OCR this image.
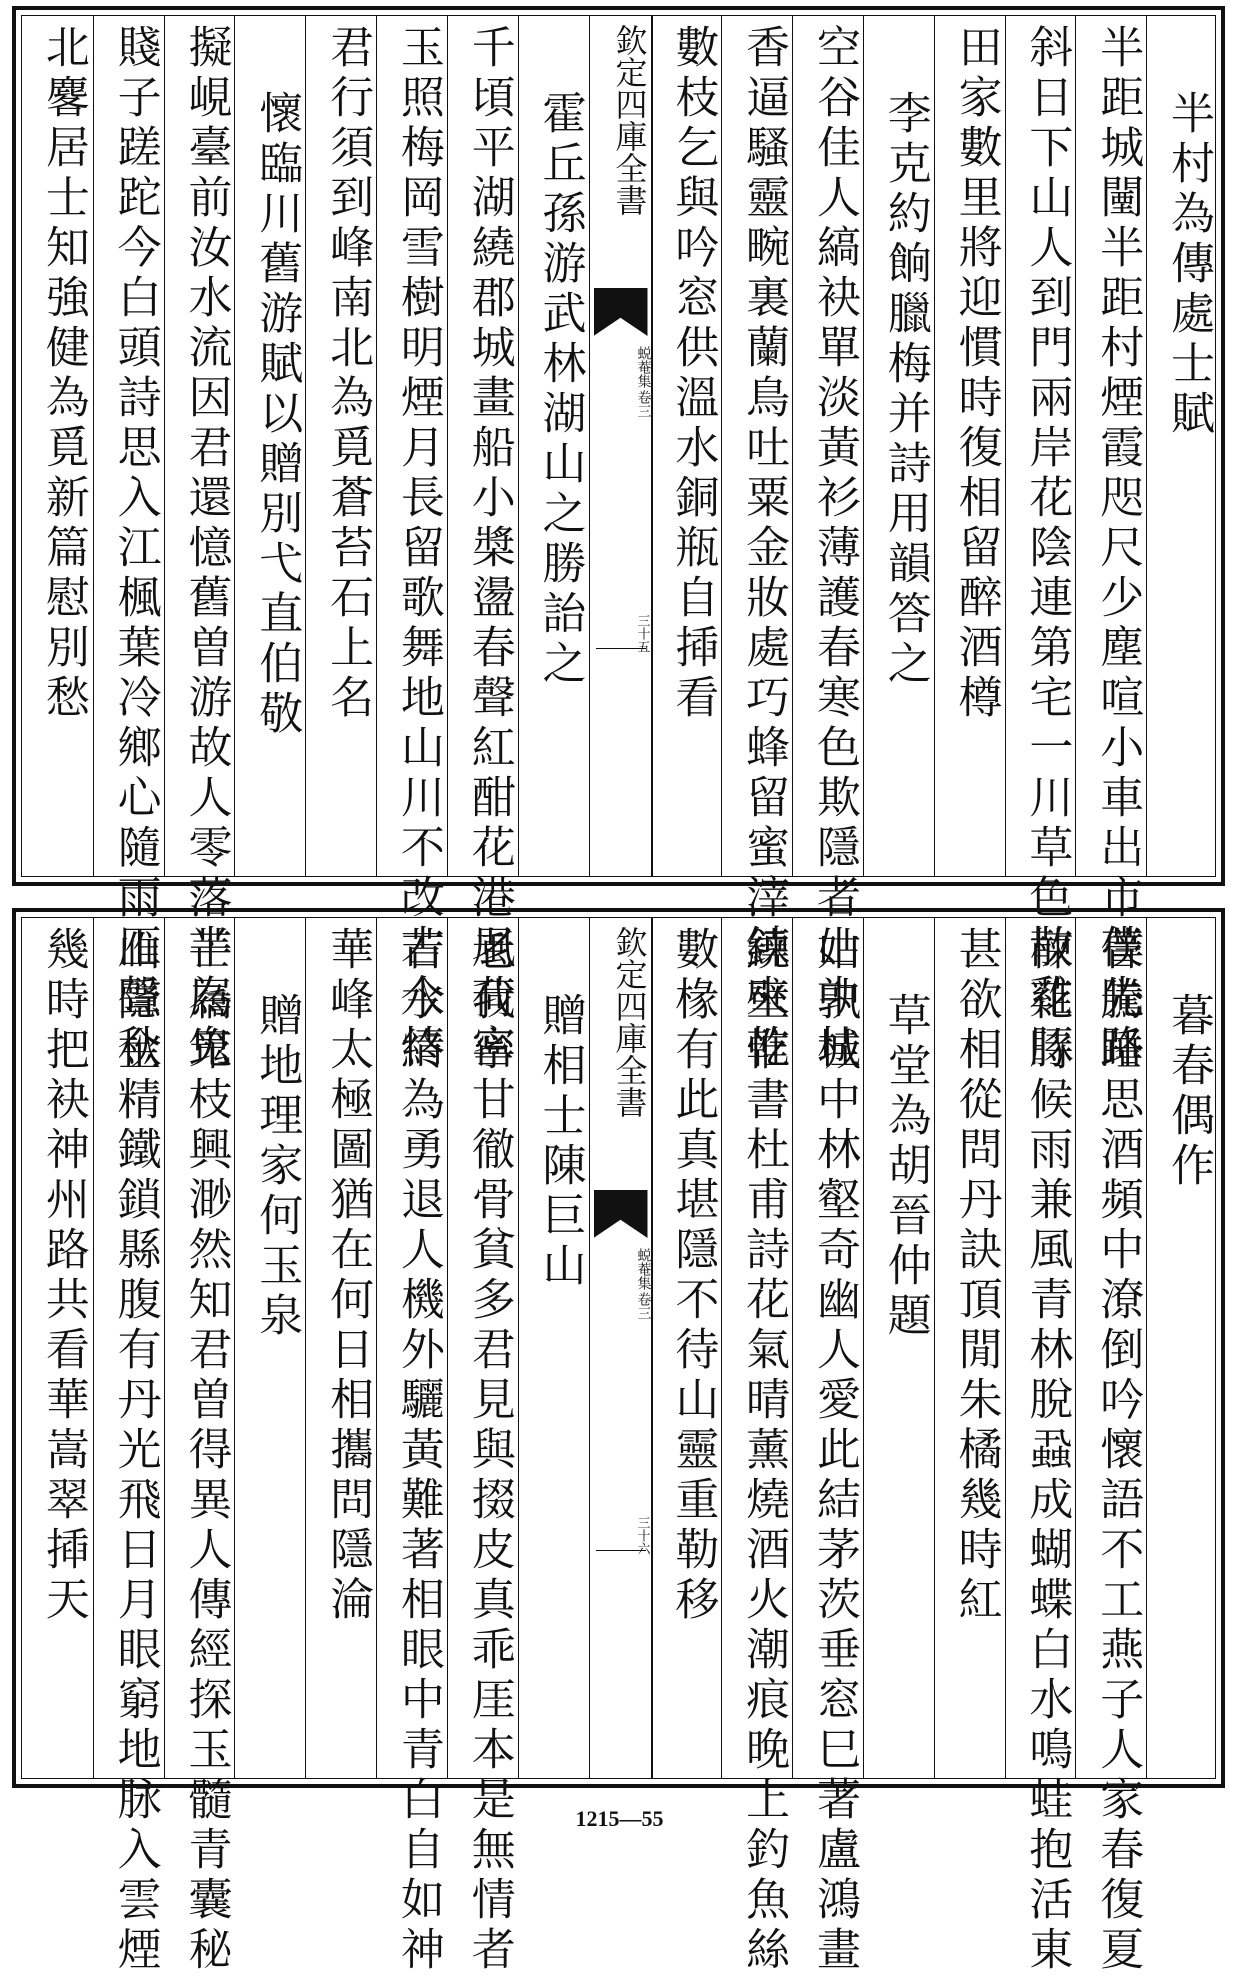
北𪊲居士知強健為覓新篇慰別愁 賤子蹉跎今白頭詩思入江楓葉冷鄉心隨雨雁聲秋 擬峴臺前汝水流因君還憶舊曽游故人零落半為鬼 懷臨川舊游賦以贈別弋直伯敬 君行須到峰南北為覓蒼苔石上名 玉照梅岡雪樹明煙月長留歌舞地山川不改古今情 千頃平湖繞郡城畫船小槳盪春聲紅酣花港風荷密 霍丘孫游武林湖山之勝詒之 欽定四庫全書
蜕菴集
卷三
三十五 數枝乞與吟窓供溫水銅瓶自揷看 香逼騷靈畹裏蘭鳥吐粟金妝處巧蜂留蜜滓鍊來乾 空谷佳人縞袂單淡黃衫薄護春寒色欺隱者山中桂 李克約餉臘梅并詩用韻答之 田家數里將迎慣時復相留醉酒樽 斜日下山人到門兩岸花陰連第宅一川草色散雞豚 半距城闉半距村煙霞咫尺少塵喧小車出市僕先路 半村為傳處士賦
幾時把袂神州路共看華嵩翠揷天 山隱金精鐵鎖縣腹有丹光飛日月眼窮地脉入雲煙 芒屩筇枝興渺然知君曽得異人傳經探玉髓青囊秘 贈地理家何玉泉 華峰太極圖猶在何日相攜問隱淪 若水終為勇退人機外驪黃難著相眼中青白自如神 老我寧甘徹骨貧多君見與掇皮真乖厓本是無情者 贈相士陳巨山 欽定四庫全書
蜕菴集
卷三
三十六 數椽有此真堪隱不待山靈重勒移 繞壁惟書杜甫詩花氣晴薰燒酒火潮痕晚上釣魚絲 姑孰城中林壑奇幽人愛此結茅茨垂窓巳著盧鴻畫 草堂為胡晉仲題 甚欲相從問丹訣頂閒朱橘幾時紅 楝花時候雨兼風青林脫蝨成蝴蝶白水鳴蛙抱活東 瞢騰睡思酒頻中潦倒吟懷語不工燕子人家春復夏 暮春偶作
1215—55
